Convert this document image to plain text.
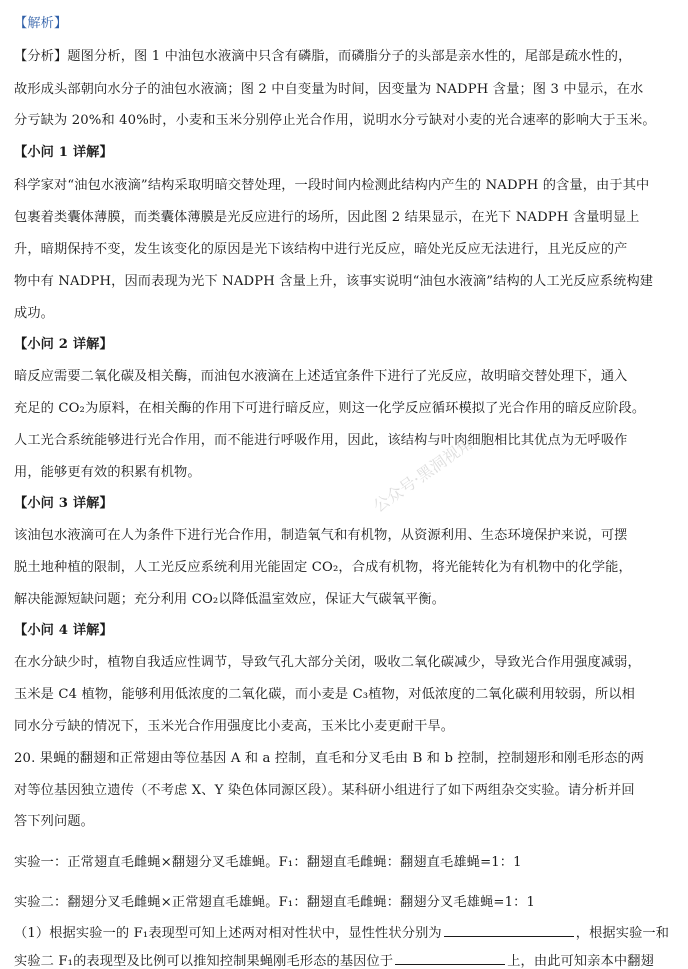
【解析】
【分析】题图分析，图 1 中油包水液滴中只含有磷脂，而磷脂分子的头部是亲水性的，尾部是疏水性的，
故形成头部朝向水分子的油包水液滴；图 2 中自变量为时间，因变量为 NADPH 含量；图 3 中显示，在水
分亏缺为 20%和 40%时，小麦和玉米分别停止光合作用，说明水分亏缺对小麦的光合速率的影响大于玉米。
【小问 1 详解】
科学家对“油包水液滴”结构采取明暗交替处理，一段时间内检测此结构内产生的 NADPH 的含量，由于其中
包裹着类囊体薄膜，而类囊体薄膜是光反应进行的场所，因此图 2 结果显示，在光下 NADPH 含量明显上
升，暗期保持不变，发生该变化的原因是光下该结构中进行光反应，暗处光反应无法进行，且光反应的产
物中有 NADPH，因而表现为光下 NADPH 含量上升，该事实说明“油包水液滴”结构的人工光反应系统构建
成功。
【小问 2 详解】
暗反应需要二氧化碳及相关酶，而油包水液滴在上述适宜条件下进行了光反应，故明暗交替处理下，通入
充足的 CO₂为原料，在相关酶的作用下可进行暗反应，则这一化学反应循环模拟了光合作用的暗反应阶段。
人工光合系统能够进行光合作用，而不能进行呼吸作用，因此，该结构与叶肉细胞相比其优点为无呼吸作
用，能够更有效的积累有机物。
【小问 3 详解】
该油包水液滴可在人为条件下进行光合作用，制造氧气和有机物，从资源利用、生态环境保护来说，可摆
脱土地种植的限制，人工光反应系统利用光能固定 CO₂，合成有机物，将光能转化为有机物中的化学能，
解决能源短缺问题；充分利用 CO₂以降低温室效应，保证大气碳氧平衡。
【小问 4 详解】
在水分缺少时，植物自我适应性调节，导致气孔大部分关闭，吸收二氧化碳减少，导致光合作用强度减弱，
玉米是 C4 植物，能够利用低浓度的二氧化碳，而小麦是 C₃植物，对低浓度的二氧化碳利用较弱，所以相
同水分亏缺的情况下，玉米光合作用强度比小麦高，玉米比小麦更耐干旱。
20. 果蝇的翻翅和正常翅由等位基因 A 和 a 控制，直毛和分叉毛由 B 和 b 控制，控制翅形和刚毛形态的两
对等位基因独立遗传（不考虑 X、Y 染色体同源区段）。某科研小组进行了如下两组杂交实验。请分析并回
答下列问题。
实验一：正常翅直毛雌蝇×翻翅分叉毛雄蝇。F₁：翻翅直毛雌蝇：翻翅直毛雄蝇=1：1
实验二：翻翅分叉毛雌蝇×正常翅直毛雄蝇。F₁：翻翅直毛雌蝇：翻翅分叉毛雄蝇=1：1
（1）根据实验一的 F₁表现型可知上述两对相对性状中，显性性状分别为	，根据实验一和
实验二 F₁的表现型及比例可以推知控制果蝇刚毛形态的基因位于	上，由此可知亲本中翻翅
公众号·黑洞视角
